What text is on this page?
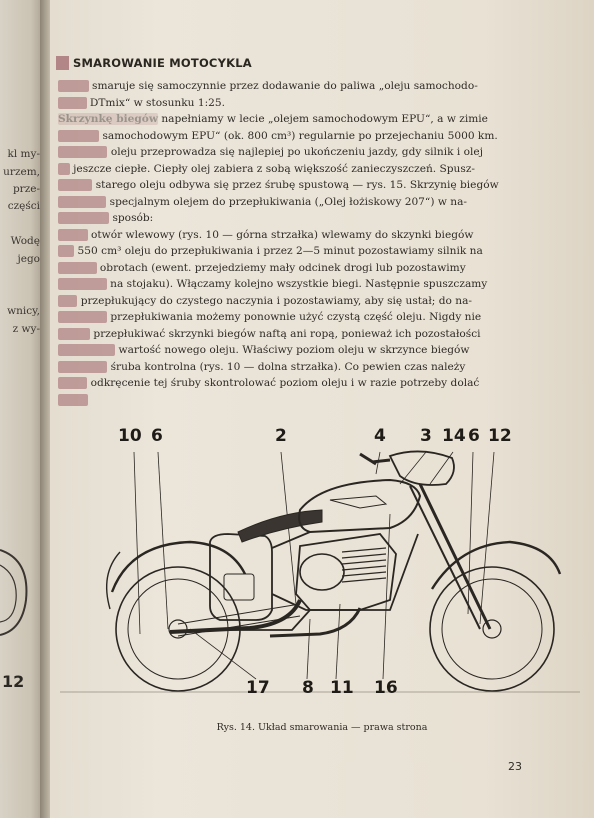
kl my-
urzem,
prze-
części
Wodę
jego
wnicy,
z wy-
12
2. SMAROWANIE MOTOCYKLA
smaruje się samoczynnie przez dodawanie do paliwa „oleju samochodo-
DTmix“ w stosunku 1:25.
Skrzynkę biegów napełniamy w lecie „olejem samochodowym EPU“, a w zimie
samochodowym EPU“ (ok. 800 cm³) regularnie po przejechaniu 5000 km.
oleju przeprowadza się najlepiej po ukończeniu jazdy, gdy silnik i olej
jeszcze ciepłe. Ciepły olej zabiera z sobą większość zanieczyszczeń. Spusz-
starego oleju odbywa się przez śrubę spustową — rys. 15. Skrzynię biegów
specjalnym olejem do przepłukiwania („Olej łożiskowy 207“) w na-
sposób:
otwór wlewowy (rys. 10 — górna strzałka) wlewamy do skzynki biegów
550 cm³ oleju do przepłukiwania i przez 2—5 minut pozostawiamy silnik na
obrotach (ewent. przejedziemy mały odcinek drogi lub pozostawimy
na stojaku). Włączamy kolejno wszystkie biegi. Następnie spuszczamy
przepłukujący do czystego naczynia i pozostawiamy, aby się ustał; do na-
przepłukiwania możemy ponownie użyć czystą część oleju. Nigdy nie
przepłukiwać skrzynki biegów naftą ani ropą, ponieważ ich pozostałości
wartość nowego oleju. Właściwy poziom oleju w skrzynce biegów
śruba kontrolna (rys. 10 — dolna strzałka). Co pewien czas należy
odkręcenie tej śruby skontrolować poziom oleju i w razie potrzeby dolać
10 6	2	4 3 14 6 12
17 8 11 16
Rys. 14. Układ smarowania — prawa strona
23
